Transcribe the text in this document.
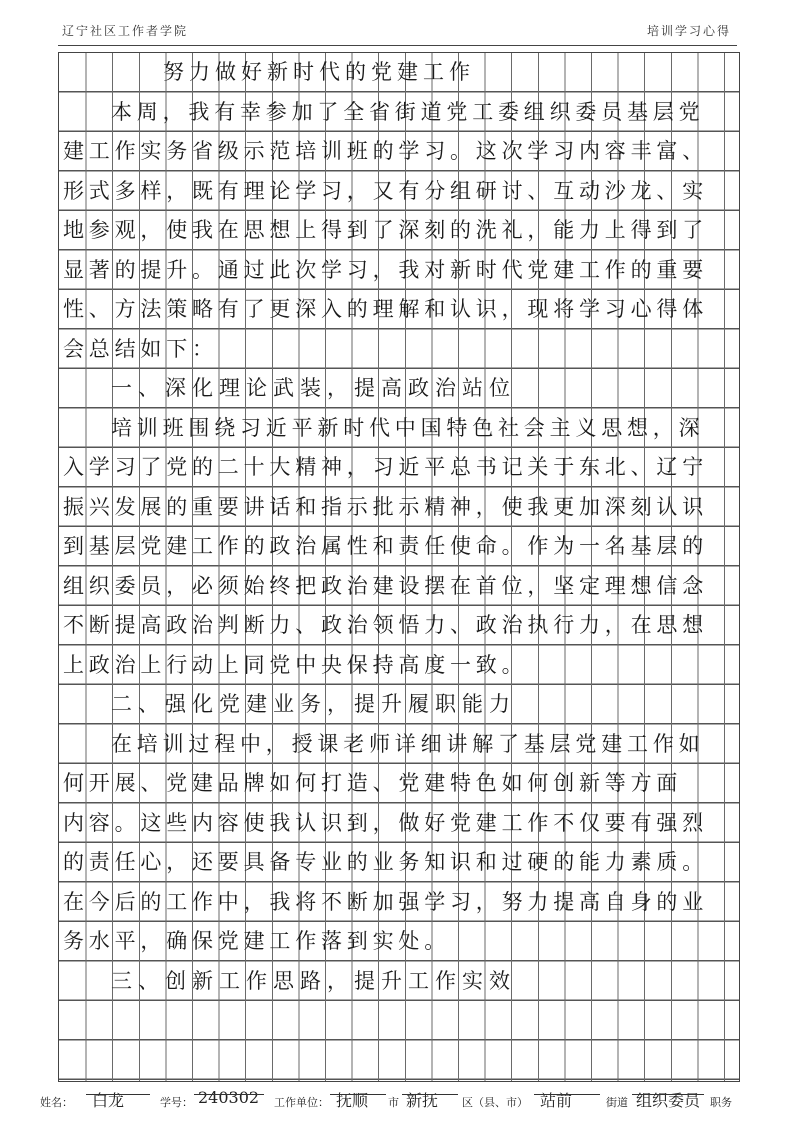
辽宁社区工作者学院	培训学习心得
努力做好新时代的党建工作
本周，我有幸参加了全省街道党工委组织委员基层党
建工作实务省级示范培训班的学习。这次学习内容丰富、
形式多样，既有理论学习，又有分组研讨、互动沙龙、实
地参观，使我在思想上得到了深刻的洗礼，能力上得到了
显著的提升。通过此次学习，我对新时代党建工作的重要
性、方法策略有了更深入的理解和认识，现将学习心得体
会总结如下：
一、深化理论武装，提高政治站位
培训班围绕习近平新时代中国特色社会主义思想，深
入学习了党的二十大精神，习近平总书记关于东北、辽宁
振兴发展的重要讲话和指示批示精神，使我更加深刻认识
到基层党建工作的政治属性和责任使命。作为一名基层的
组织委员，必须始终把政治建设摆在首位，坚定理想信念
不断提高政治判断力、政治领悟力、政治执行力，在思想
上政治上行动上同党中央保持高度一致。
二、强化党建业务，提升履职能力
在培训过程中，授课老师详细讲解了基层党建工作如
何开展、党建品牌如何打造、党建特色如何创新等方面
内容。这些内容使我认识到，做好党建工作不仅要有强烈
的责任心，还要具备专业的业务知识和过硬的能力素质。
在今后的工作中，我将不断加强学习，努力提高自身的业
务水平，确保党建工作落到实处。
三、创新工作思路，提升工作实效
姓名： 白龙	学号： 240302 工作单位： 抚顺 市 新抚 区（县、市） 站前	街道 组织委员 职务
